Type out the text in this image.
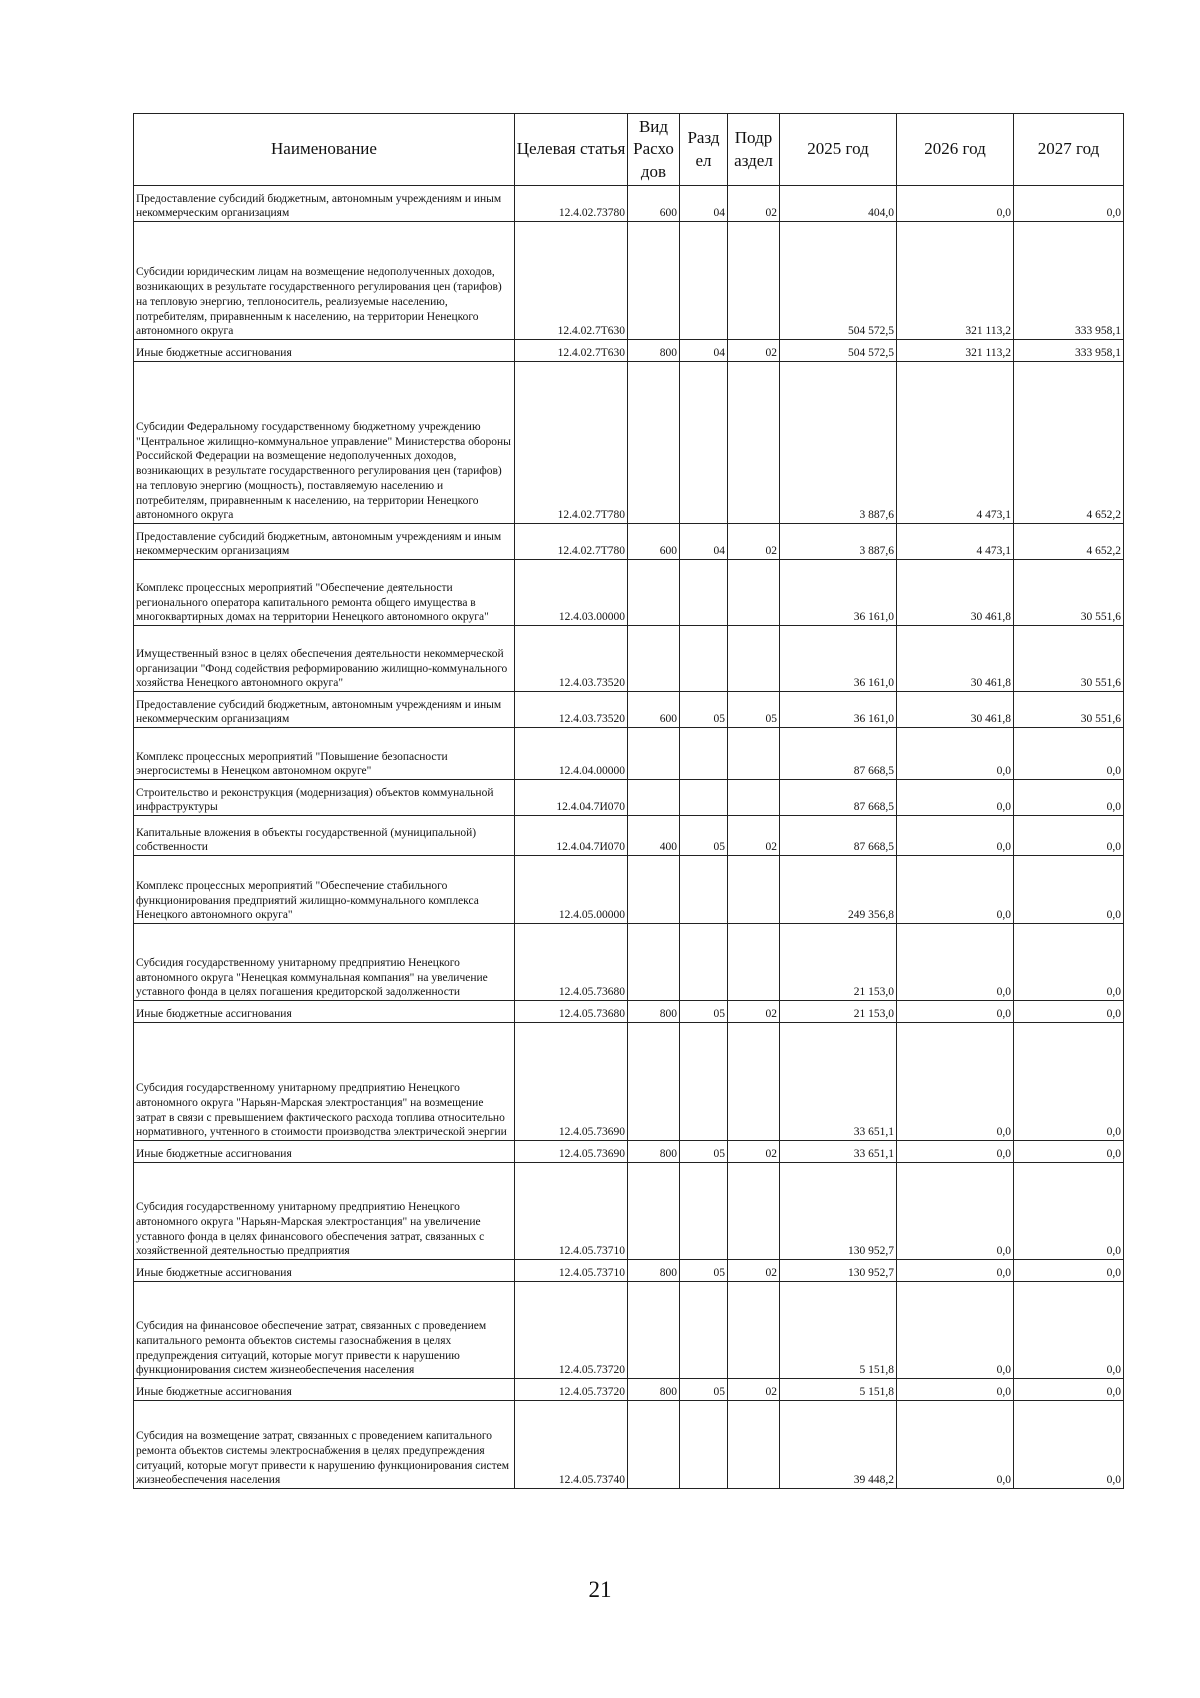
Наименование	Целевая статья	Вид Расхо дов	Разд ел	Подр аздел	2025 год	2026 год	2027 год
Предоставление субсидий бюджетным, автономным учреждениям и иным некоммерческим организациям	12.4.02.73780	600	04	02	404,0	0,0	0,0
Субсидии юридическим лицам на возмещение недополученных доходов, возникающих в результате государственного регулирования цен (тарифов) на тепловую энергию, теплоноситель, реализуемые населению, потребителям, приравненным к населению, на территории Ненецкого автономного округа	12.4.02.7Т630				504 572,5	321 113,2	333 958,1
Иные бюджетные ассигнования	12.4.02.7Т630	800	04	02	504 572,5	321 113,2	333 958,1
Субсидии Федеральному государственному бюджетному учреждению "Центральное жилищно-коммунальное управление" Министерства обороны Российской Федерации на возмещение недополученных доходов, возникающих в результате государственного регулирования цен (тарифов) на тепловую энергию (мощность), поставляемую населению и потребителям, приравненным к населению, на территории Ненецкого автономного округа	12.4.02.7Т780				3 887,6	4 473,1	4 652,2
Предоставление субсидий бюджетным, автономным учреждениям и иным некоммерческим организациям	12.4.02.7Т780	600	04	02	3 887,6	4 473,1	4 652,2
Комплекс процессных мероприятий "Обеспечение деятельности регионального оператора капитального ремонта общего имущества в многоквартирных домах на территории Ненецкого автономного округа"	12.4.03.00000				36 161,0	30 461,8	30 551,6
Имущественный взнос в целях обеспечения деятельности некоммерческой организации "Фонд содействия реформированию жилищно-коммунального хозяйства Ненецкого автономного округа"	12.4.03.73520				36 161,0	30 461,8	30 551,6
Предоставление субсидий бюджетным, автономным учреждениям и иным некоммерческим организациям	12.4.03.73520	600	05	05	36 161,0	30 461,8	30 551,6
Комплекс процессных мероприятий "Повышение безопасности энергосистемы в Ненецком автономном округе"	12.4.04.00000				87 668,5	0,0	0,0
Строительство и реконструкция (модернизация) объектов коммунальной инфраструктуры	12.4.04.7И070				87 668,5	0,0	0,0
Капитальные вложения в объекты государственной (муниципальной) собственности	12.4.04.7И070	400	05	02	87 668,5	0,0	0,0
Комплекс процессных мероприятий "Обеспечение стабильного функционирования предприятий жилищно-коммунального комплекса Ненецкого автономного округа"	12.4.05.00000				249 356,8	0,0	0,0
Субсидия государственному унитарному предприятию Ненецкого автономного округа "Ненецкая коммунальная компания" на увеличение уставного фонда в целях погашения кредиторской задолженности	12.4.05.73680				21 153,0	0,0	0,0
Иные бюджетные ассигнования	12.4.05.73680	800	05	02	21 153,0	0,0	0,0
Субсидия государственному унитарному предприятию Ненецкого автономного округа "Нарьян-Марская электростанция" на возмещение затрат в связи с превышением фактического расхода топлива относительно нормативного, учтенного в стоимости производства электрической энергии	12.4.05.73690				33 651,1	0,0	0,0
Иные бюджетные ассигнования	12.4.05.73690	800	05	02	33 651,1	0,0	0,0
Субсидия государственному унитарному предприятию Ненецкого автономного округа "Нарьян-Марская электростанция" на увеличение уставного фонда в целях финансового обеспечения затрат, связанных с хозяйственной деятельностью предприятия	12.4.05.73710				130 952,7	0,0	0,0
Иные бюджетные ассигнования	12.4.05.73710	800	05	02	130 952,7	0,0	0,0
Субсидия на финансовое обеспечение затрат, связанных с проведением капитального ремонта объектов системы газоснабжения в целях предупреждения ситуаций, которые могут привести к нарушению функционирования систем жизнеобеспечения населения	12.4.05.73720				5 151,8	0,0	0,0
Иные бюджетные ассигнования	12.4.05.73720	800	05	02	5 151,8	0,0	0,0
Субсидия на возмещение затрат, связанных с проведением капитального ремонта объектов системы электроснабжения в целях предупреждения ситуаций, которые могут привести к нарушению функционирования систем жизнеобеспечения населения	12.4.05.73740				39 448,2	0,0	0,0
21
